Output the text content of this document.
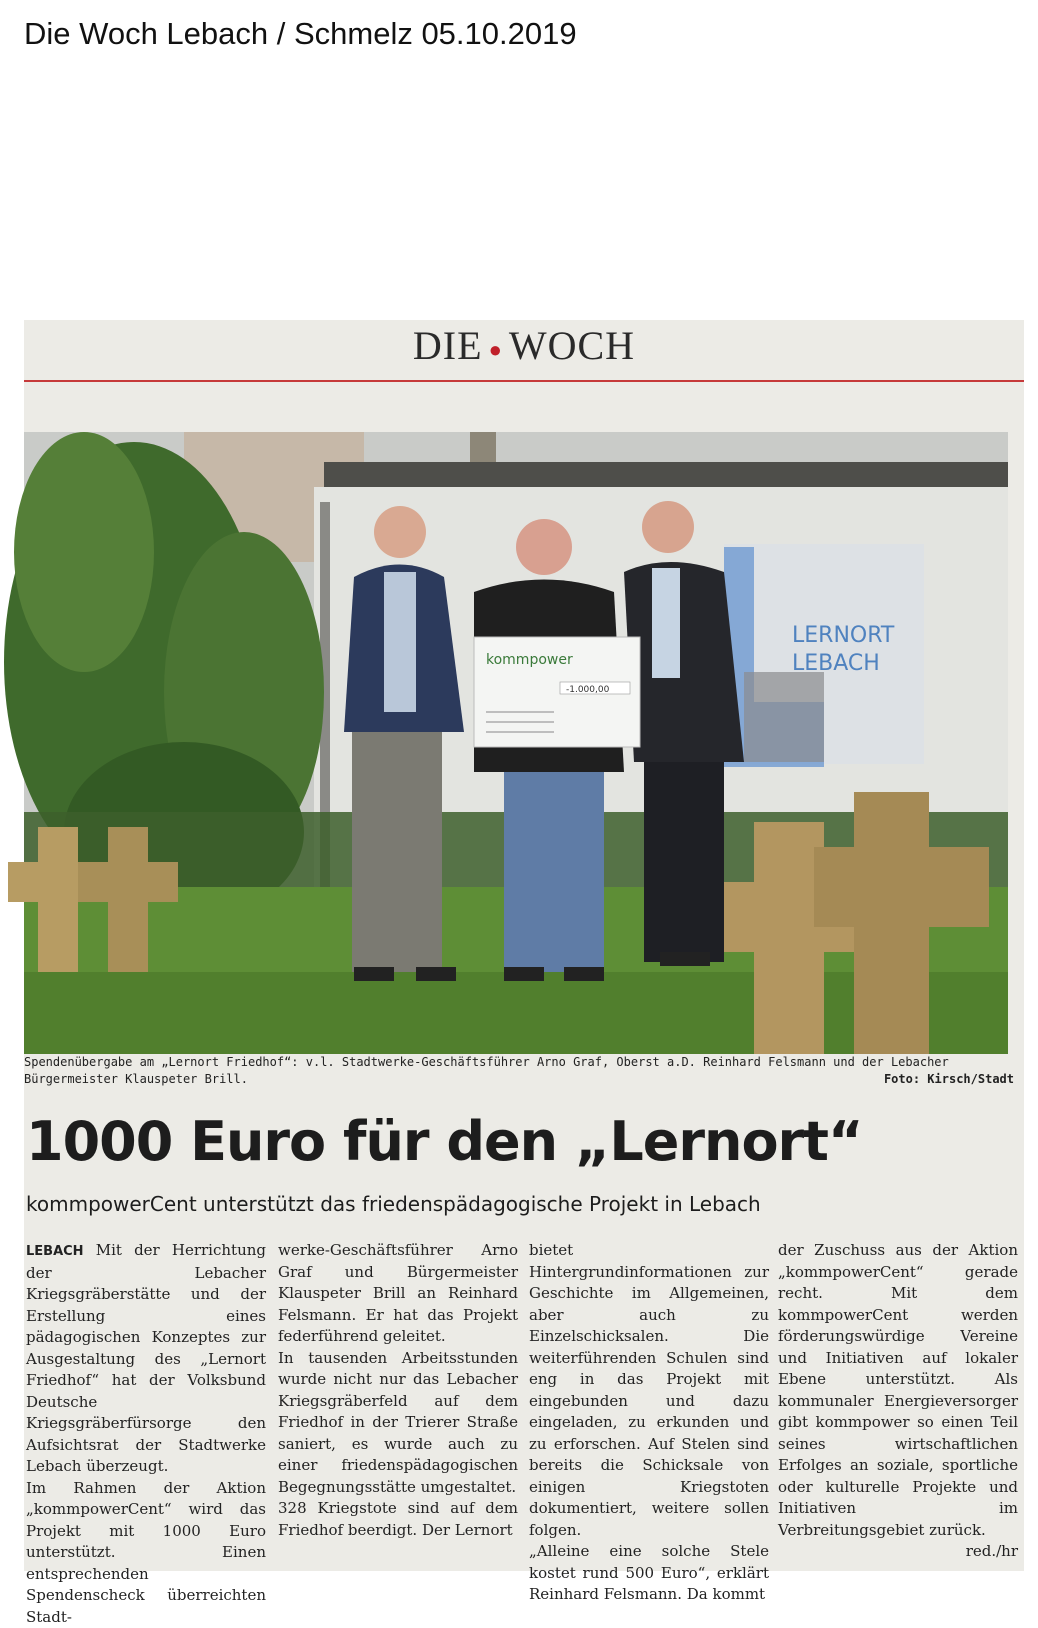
Die Woch Lebach / Schmelz 05.10.2019
DIE ● WOCH
LERNORT
LEBACH
kommpower
-1.000,00
Spendenübergabe am „Lernort Friedhof“: v.l. Stadtwerke-Geschäftsführer Arno Graf, Oberst a.D. Reinhard Felsmann und der Lebacher Bürgermeister Klauspeter Brill.	Foto: Kirsch/Stadt
1000 Euro für den „Lernort“
kommpowerCent unterstützt das friedenspädagogische Projekt in Lebach

LEBACH Mit der Herrichtung der Lebacher Kriegsgräberstätte und der Erstellung eines pädagogischen Konzeptes zur Ausgestaltung des „Lernort Friedhof“ hat der Volksbund Deutsche Kriegsgräberfürsorge den Aufsichtsrat der Stadtwerke Lebach überzeugt.

Im Rahmen der Aktion „kommpowerCent“ wird das Projekt mit 1000 Euro unterstützt. Einen entsprechenden Spendenscheck überreichten Stadt-

werke-Geschäftsführer Arno Graf und Bürgermeister Klauspeter Brill an Reinhard Felsmann. Er hat das Projekt federführend geleitet.

In tausenden Arbeitsstunden wurde nicht nur das Lebacher Kriegsgräberfeld auf dem Friedhof in der Trierer Straße saniert, es wurde auch zu einer friedenspädagogischen Begegnungsstätte umgestaltet.

328 Kriegstote sind auf dem Friedhof beerdigt. Der Lernort

bietet Hintergrundinformationen zur Geschichte im Allgemeinen, aber auch zu Einzelschicksalen. Die weiterführenden Schulen sind eng in das Projekt mit eingebunden und dazu eingeladen, zu erkunden und zu erforschen. Auf Stelen sind bereits die Schicksale von einigen Kriegstoten dokumentiert, weitere sollen folgen.

„Alleine eine solche Stele kostet rund 500 Euro“, erklärt Reinhard Felsmann. Da kommt

der Zuschuss aus der Aktion „kommpowerCent“ gerade recht. Mit dem kommpowerCent werden förderungswürdige Vereine und Initiativen auf lokaler Ebene unterstützt. Als kommunaler Energieversorger gibt kommpower so einen Teil seines wirtschaftlichen Erfolges an soziale, sportliche oder kulturelle Projekte und Initiativen im Verbreitungsgebiet zurück.

red./hr
